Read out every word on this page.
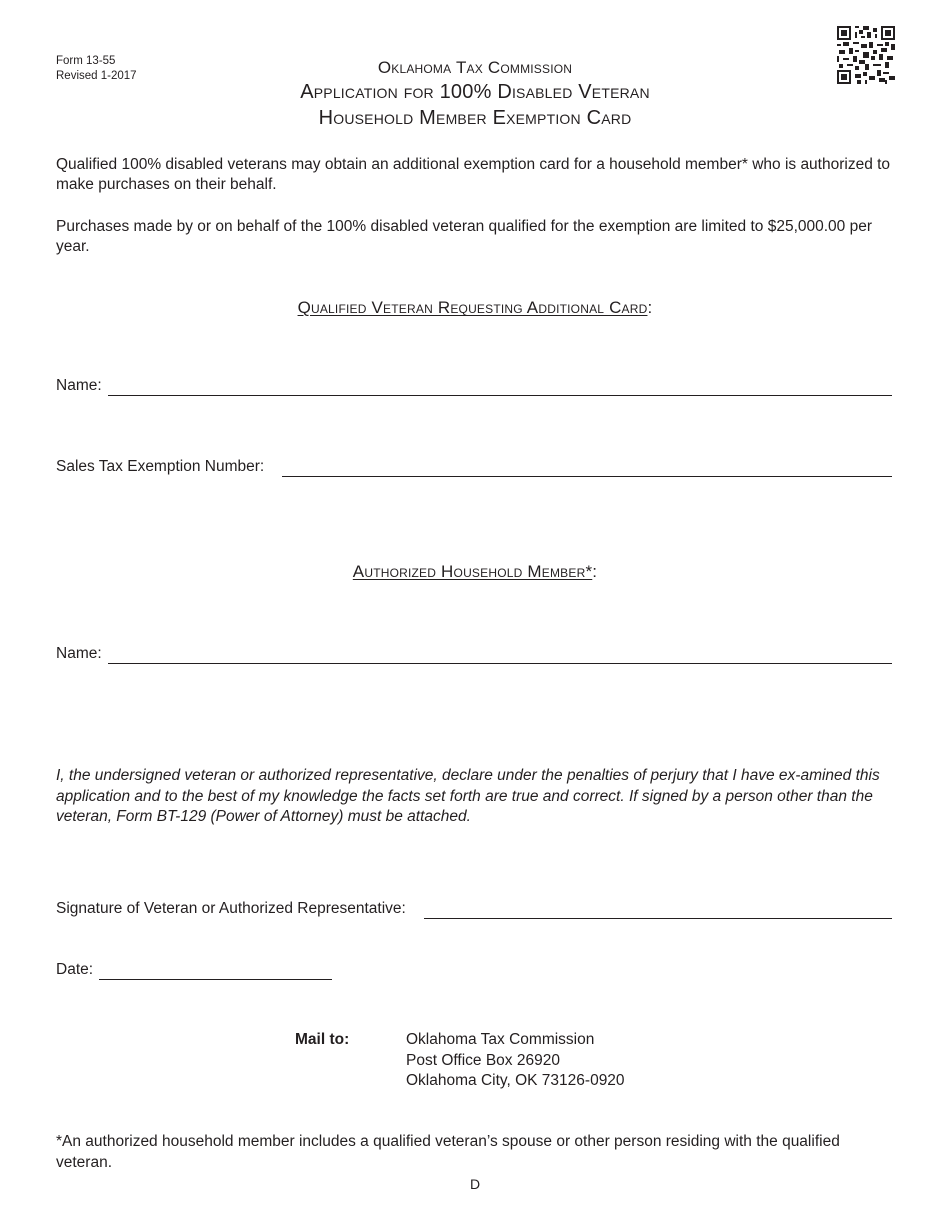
Form 13-55
Revised 1-2017	Oklahoma Tax Commission
Application for 100% Disabled Veteran
Household Member Exemption Card
Qualified 100% disabled veterans may obtain an additional exemption card for a household member* who is authorized to make purchases on their behalf.
Purchases made by or on behalf of the 100% disabled veteran qualified for the exemption are limited to $25,000.00 per year.
Qualified Veteran Requesting Additional Card:
Name:
Sales Tax Exemption Number:
Authorized Household Member*:
Name:
I, the undersigned veteran or authorized representative, declare under the penalties of perjury that I have ex-amined this application and to the best of my knowledge the facts set forth are true and correct. If signed by a person other than the veteran, Form BT-129 (Power of Attorney) must be attached.
Signature of Veteran or Authorized Representative:
Date:
Mail to:	Oklahoma Tax Commission
Post Office Box 26920
Oklahoma City, OK 73126-0920
*An authorized household member includes a qualified veteran’s spouse or other person residing with the qualified veteran.
D
